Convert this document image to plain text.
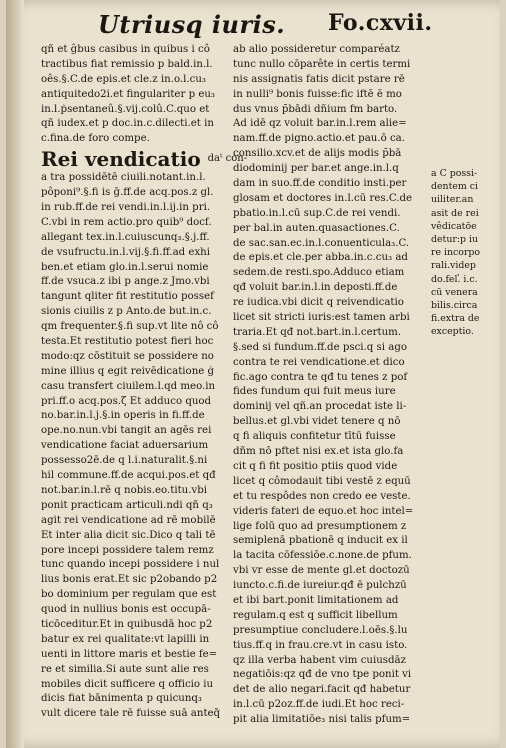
Utriusq iuris. Fo.cxvii.
qñ et ĝbus casibus in quibus i cô
tractibus fiat remissio p bald.in.l.
oês.§.C.de epis.et cle.z in.o.l.cu₃
antiquitedo2i.et fingulariter p eu₃
in.l.ṗsentaneû.§.vij.colû.C.quo et
qñ iudex.et p doc.in.c.dilecti.et in
c.fina.de foro compe.
Rei vendicatio $^{daᵗ con-}$
a tra possidētē ciuili.notant.in.l.
pôponi⁹.§.fi is ḡ.ff.de acq.pos.z gl.
in rub.ff.de rei vendi.in.l.ij.in pri.
C.vbi in rem actio.pro quib⁹ docf.
allegant tex.in.l.cuiuscunq₃.§.j.ff.
de vsufructu.in.l.vij.§.fi.ff.ad exhi
ben.et etiam glo.in.l.serui nomie
ff.de vsuca.z ibi p ange.z Jmo.vbi
tangunt qliter fit restitutio possef
sionis ciuilis z p Anto.de but.in.c.
qm frequenter.§.fi sup.vt lite nô cô
testa.Et restitutio potest fieri hoc
modo:qz cōstituit se possidere no
mine illius q egit reivēdicatione ģ
casu transfert ciuilem.l.qd meo.in
pri.ff.o acq.pos.ζ Et adduco quod
no.bar.in.l.j.§.in operis in fi.ff.de
ope.no.nun.vbi tangit an agēs rei
vendicatione faciat aduersarium
possesso2ē.de q l.i.naturalit.§.ni
hil commune.ff.de acqui.pos.et qđ
not.bar.in.l.rē q nobis.eo.titu.vbi
ponit practicam articuli.ndi qñ q₃
agit rei vendicatione ad rē mobilē
Et inter alia dicit sic.Dico q tali tē
pore incepi possidere talem remz
tunc quando incepi possidere i nul
lius bonis erat.Et sic p2obando p2
bo dominium per regulam que est
quod in nullius bonis est occupā-
ticōceditur.Et in quibusdā hoc p2
batur ex rei qualitate:vt lapilli in
uenti in littore maris et bestie fe=
re et similia.Si aute sunt alie res
mobiles dicit sufficere q officio iu
dicis fiat bānimenta p quicunq₃
vult dicere tale rē fuisse suā anteq̃
ab alio possideretur comparéatz
tunc nullo cōparête in certis termi
nis assignatis fatis dicit pstare rē
in nulli⁹ bonis fuisse:fic iftē ē mo
dus vnus p̄bādi dñium fm barto.
Ad idē qz voluit bar.in.l.rem alie=
nam.ff.de pigno.actio.et pau.ō ca.
consilio.xcv.et de alijs modis p̄bā
diodominij per bar.et ange.in.l.q
dam in suo.ff.de conditio insti.per
glosam et doctores in.l.cū res.C.de
pbatio.in.l.cū sup.C.de rei vendi.
per bal.in auten.quasactiones.C.
de sac.san.ec.in.l.conuenticula₃.C.
de epis.et cle.per abba.in.c.cu₃ ad
sedem.de resti.spo.Adduco etiam
qđ voluit bar.in.l.in deposti.ff.de
re iudica.vbi dicit q reivendicatio
licet sit stricti iuris:est tamen arbi
traria.Et qđ not.bart.in.l.certum.
§.sed si fundum.ff.de psci.q si ago
contra te rei vendicatione.et dico
fic.ago contra te qđ tu tenes z pof
fides fundum qui fuit meus iure
dominij vel qñ.an procedat iste li-
bellus.et gl.vbi videt tenere q nō
q fi aliquis confitetur tītū fuisse
dñm nō pftet nisi ex.et ista glo.fa
cit q fi fit positio ptiis quod vide
licet q cômodauit tibi vestē z equū
et tu respôdes non credo ee veste.
videris fateri de equo.et hoc intel=
lige folū quo ad presumptionem z
semiplenā pbationē q inducit ex il
la tacita cōfessiōe.c.none.de pfum.
vbi vr esse de mente gl.et doctozū
iuncto.c.fi.de iureiur.qđ ē pulchzū
et ibi bart.ponit limitationem ad
regulam.q est q sufficit libellum
presumptiue concludere.l.oēs.§.lu
tius.ff.q in frau.cre.vt in casu isto.
qz illa verba habent vim cuiusdāz
negatiōis:qz qđ de vno tpe ponit vi
det de alio negari.facit qđ habetur
in.l.cū p2oz.ff.de iudi.Et hoc reci-
pit alia limitatiōe₃ nisi talis pfum=
a C possi-
dentem ci
uiliter.an
asit de rei
vêdicatōe
detur:p iu
re incorpo
rali.videp
do.fel.̓ i.c.
cū venera
bilis.circa
fi.extra de
exceptio.
